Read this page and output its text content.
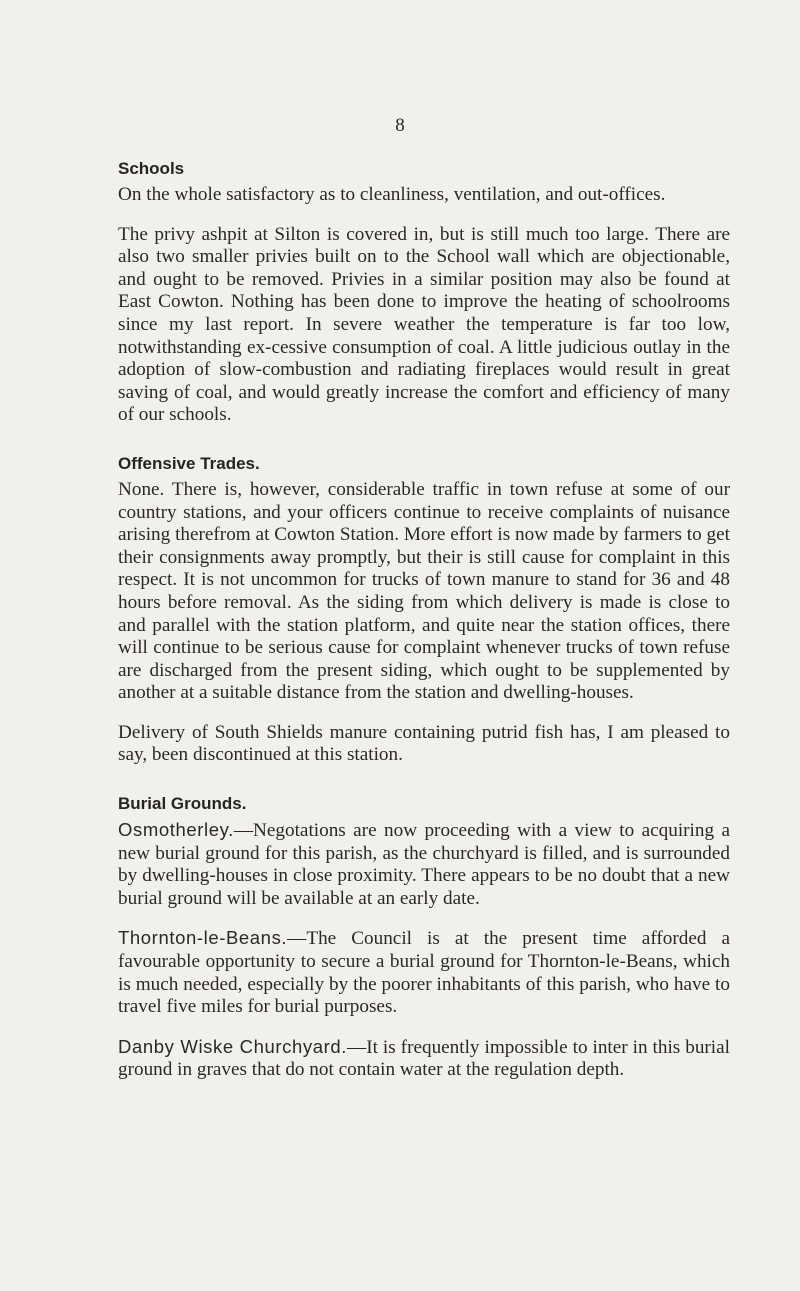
8
Schools

On the whole satisfactory as to cleanliness, ventilation, and out-offices.

The privy ashpit at Silton is covered in, but is still much too large. There are also two smaller privies built on to the School wall which are objectionable, and ought to be removed. Privies in a similar position may also be found at East Cowton. Nothing has been done to improve the heating of schoolrooms since my last report. In severe weather the temperature is far too low, notwithstanding ex-cessive consumption of coal. A little judicious outlay in the adoption of slow-combustion and radiating fireplaces would result in great saving of coal, and would greatly increase the comfort and efficiency of many of our schools.

Offensive Trades.

None. There is, however, considerable traffic in town refuse at some of our country stations, and your officers continue to receive complaints of nuisance arising therefrom at Cowton Station. More effort is now made by farmers to get their consignments away promptly, but their is still cause for complaint in this respect. It is not uncommon for trucks of town manure to stand for 36 and 48 hours before removal. As the siding from which delivery is made is close to and parallel with the station platform, and quite near the station offices, there will continue to be serious cause for complaint whenever trucks of town refuse are discharged from the present siding, which ought to be supplemented by another at a suitable distance from the station and dwelling-houses.

Delivery of South Shields manure containing putrid fish has, I am pleased to say, been discontinued at this station.

Burial Grounds.

Osmotherley.—Negotations are now proceeding with a view to acquiring a new burial ground for this parish, as the churchyard is filled, and is surrounded by dwelling-houses in close proximity. There appears to be no doubt that a new burial ground will be available at an early date.

Thornton-le-Beans.—The Council is at the present time afforded a favourable opportunity to secure a burial ground for Thornton-le-Beans, which is much needed, especially by the poorer inhabitants of this parish, who have to travel five miles for burial purposes.

Danby Wiske Churchyard.—It is frequently impossible to inter in this burial ground in graves that do not contain water at the regulation depth.
